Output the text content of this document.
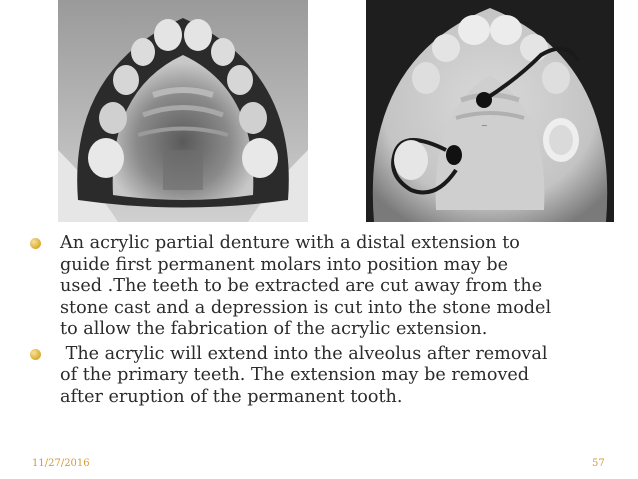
~
An acrylic partial denture with a distal extension to
guide first permanent molars into position may be
used .The teeth to be extracted are cut away from the
stone cast and a depression is cut into the stone model
to allow the fabrication of the acrylic extension.
The acrylic will extend into the alveolus after removal
of the primary teeth. The extension may be removed
after eruption of the permanent tooth.
11/27/2016	57
